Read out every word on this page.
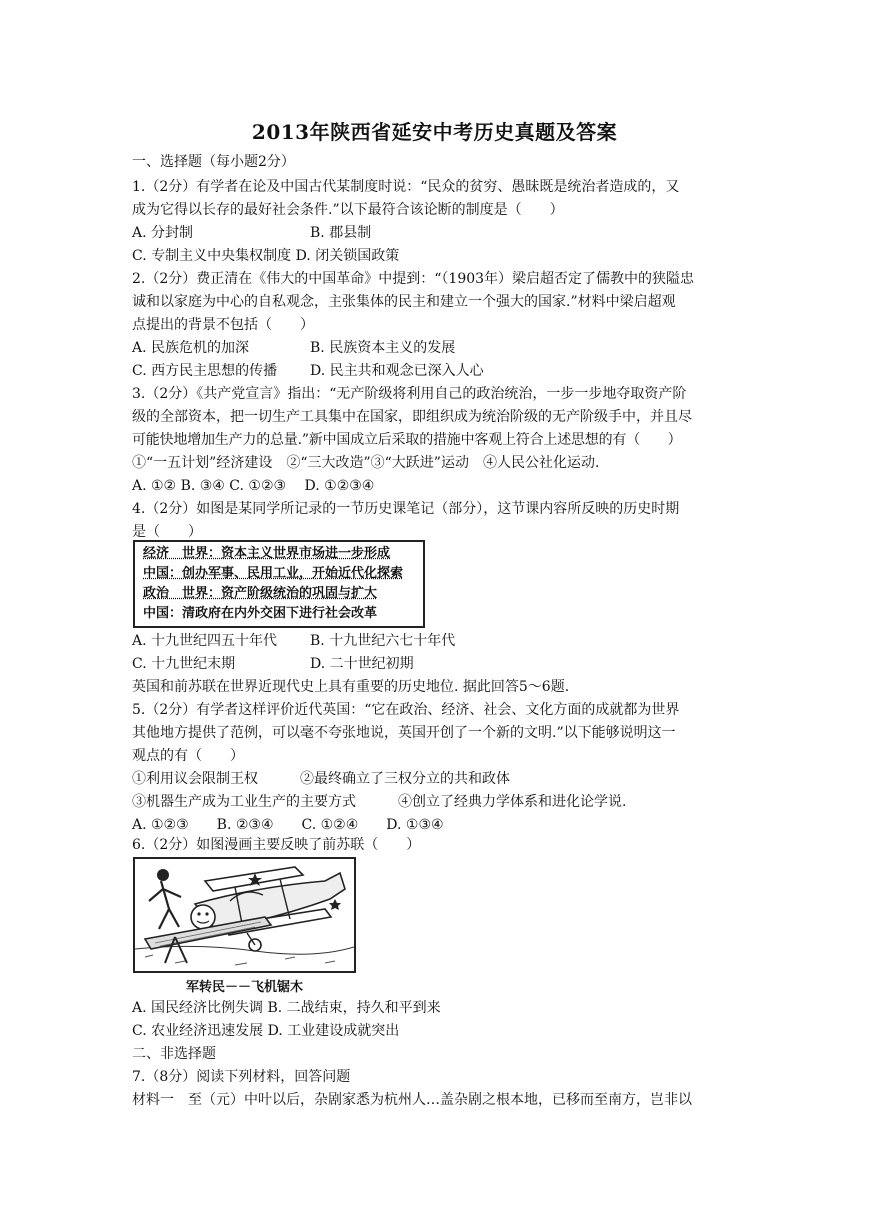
2013年陕西省延安中考历史真题及答案
一、选择题（每小题2分）
1.（2分）有学者在论及中国古代某制度时说：“民众的贫穷、愚昧既是统治者造成的，又
成为它得以长存的最好社会条件.”以下最符合该论断的制度是（　　）
A. 分封制	B. 郡县制
C. 专制主义中央集权制度 D. 闭关锁国政策
2.（2分）费正清在《伟大的中国革命》中提到：“（1903年）梁启超否定了儒教中的狭隘忠
诚和以家庭为中心的自私观念，主张集体的民主和建立一个强大的国家.”材料中梁启超观
点提出的背景不包括（　　）
A. 民族危机的加深	B. 民族资本主义的发展
C. 西方民主思想的传播 D. 民主共和观念已深入人心
3.（2分）《共产党宣言》指出：“无产阶级将利用自己的政治统治，一步一步地夺取资产阶
级的全部资本，把一切生产工具集中在国家，即组织成为统治阶级的无产阶级手中，并且尽
可能快地增加生产力的总量.”新中国成立后采取的措施中客观上符合上述思想的有（　　）
①“一五计划”经济建设　②“三大改造”③“大跃进”运动　④人民公社化运动.
A. ①② B. ③④ C. ①②③　 D. ①②③④
4.（2分）如图是某同学所记录的一节历史课笔记（部分），这节课内容所反映的历史时期
是（　　）
经济　世界：资本主义世界市场进一步形成
中国：创办军事、民用工业，开始近代化探索
政治　世界：资产阶级统治的巩固与扩大
中国：清政府在内外交困下进行社会改革
A. 十九世纪四五十年代 B. 十九世纪六七十年代
C. 十九世纪末期	D. 二十世纪初期
英国和前苏联在世界近现代史上具有重要的历史地位. 据此回答5～6题.
5.（2分）有学者这样评价近代英国：“它在政治、经济、社会、文化方面的成就都为世界
其他地方提供了范例，可以毫不夸张地说，英国开创了一个新的文明.”以下能够说明这一
观点的有（　　）
①利用议会限制王权　　　②最终确立了三权分立的共和政体
③机器生产成为工业生产的主要方式　　　④创立了经典力学体系和进化论学说.
A. ①②③　　B. ②③④　　C. ①②④　　D. ①③④
6.（2分）如图漫画主要反映了前苏联（　　）
军转民－－飞机锯木
A. 国民经济比例失调 B. 二战结束，持久和平到来
C. 农业经济迅速发展 D. 工业建设成就突出
二、非选择题
7.（8分）阅读下列材料，回答问题
材料一　至（元）中叶以后，杂剧家悉为杭州人…盖杂剧之根本地，已移而至南方，岂非以
